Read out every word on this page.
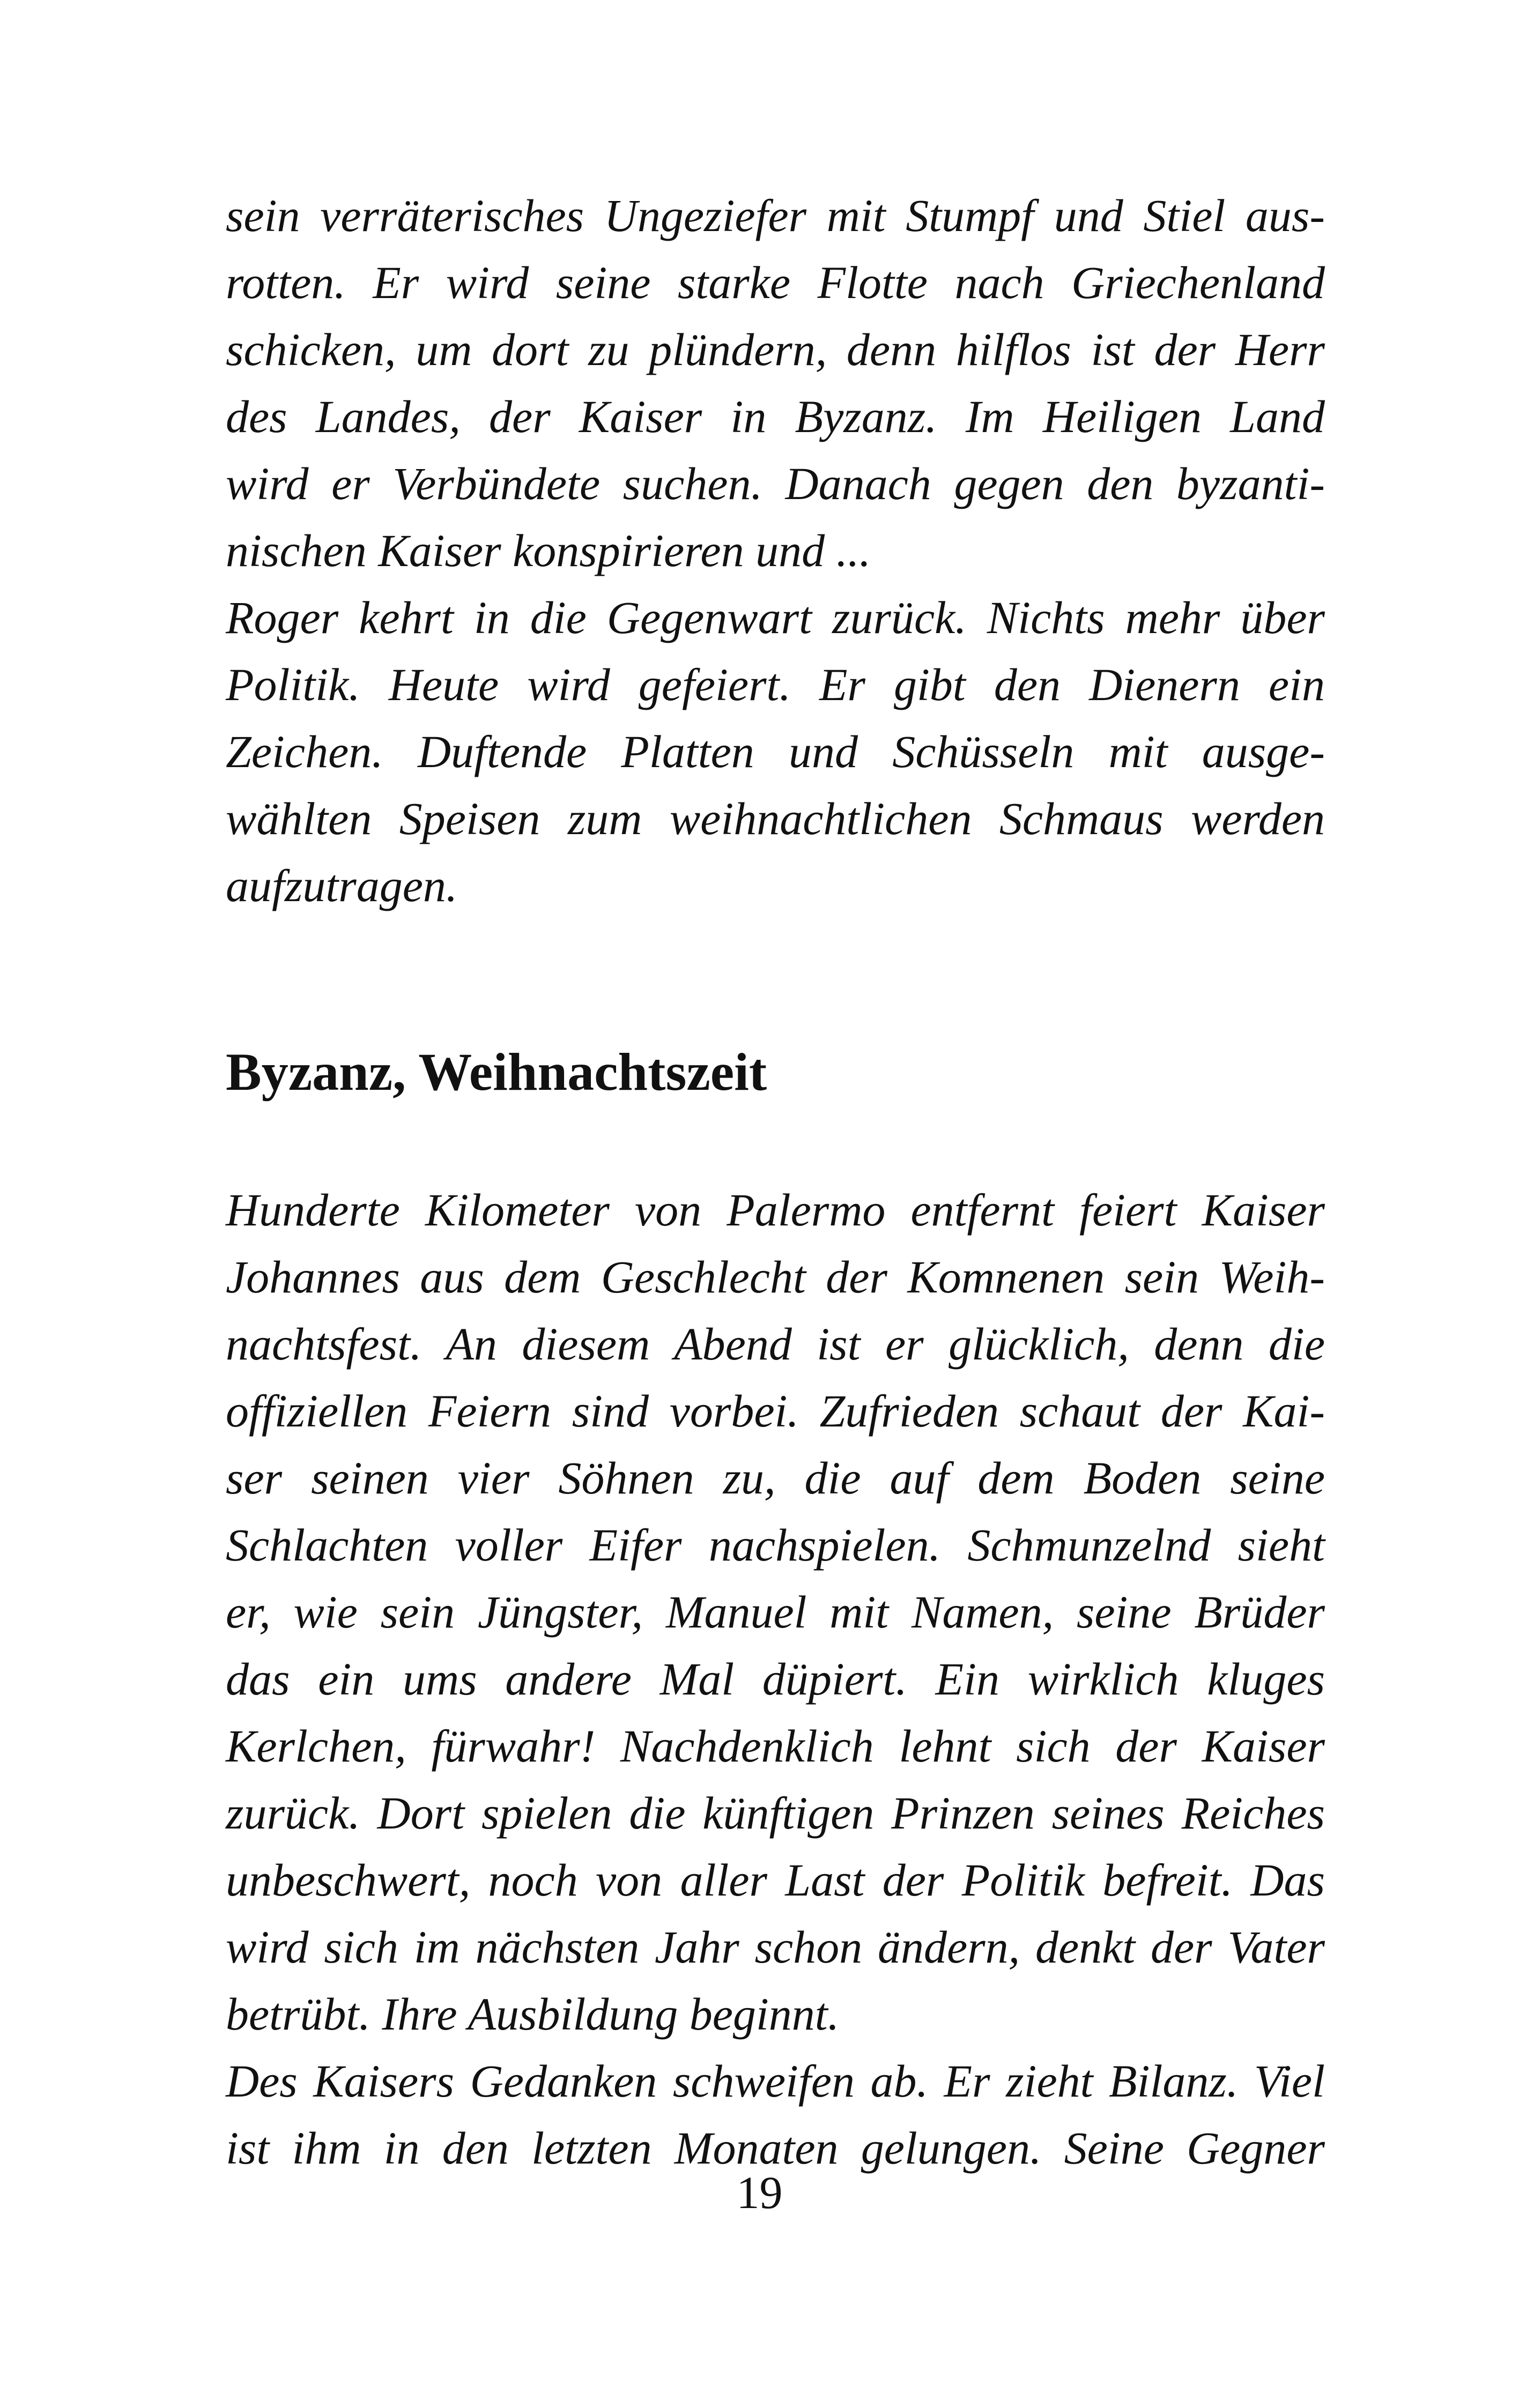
sein verräterisches Ungeziefer mit Stumpf und Stiel aus-
rotten. Er wird seine starke Flotte nach Griechenland
schicken, um dort zu plündern, denn hilflos ist der Herr
des Landes, der Kaiser in Byzanz. Im Heiligen Land
wird er Verbündete suchen. Danach gegen den byzanti-
nischen Kaiser konspirieren und ...
Roger kehrt in die Gegenwart zurück. Nichts mehr über
Politik. Heute wird gefeiert. Er gibt den Dienern ein
Zeichen. Duftende Platten und Schüsseln mit ausge-
wählten Speisen zum weihnachtlichen Schmaus werden
aufzutragen.
Byzanz, Weihnachtszeit
Hunderte Kilometer von Palermo entfernt feiert Kaiser
Johannes aus dem Geschlecht der Komnenen sein Weih-
nachtsfest. An diesem Abend ist er glücklich, denn die
offiziellen Feiern sind vorbei. Zufrieden schaut der Kai-
ser seinen vier Söhnen zu, die auf dem Boden seine
Schlachten voller Eifer nachspielen. Schmunzelnd sieht
er, wie sein Jüngster, Manuel mit Namen, seine Brüder
das ein ums andere Mal düpiert. Ein wirklich kluges
Kerlchen, fürwahr! Nachdenklich lehnt sich der Kaiser
zurück. Dort spielen die künftigen Prinzen seines Reiches
unbeschwert, noch von aller Last der Politik befreit. Das
wird sich im nächsten Jahr schon ändern, denkt der Vater
betrübt. Ihre Ausbildung beginnt.
Des Kaisers Gedanken schweifen ab. Er zieht Bilanz. Viel
ist ihm in den letzten Monaten gelungen. Seine Gegner
19
